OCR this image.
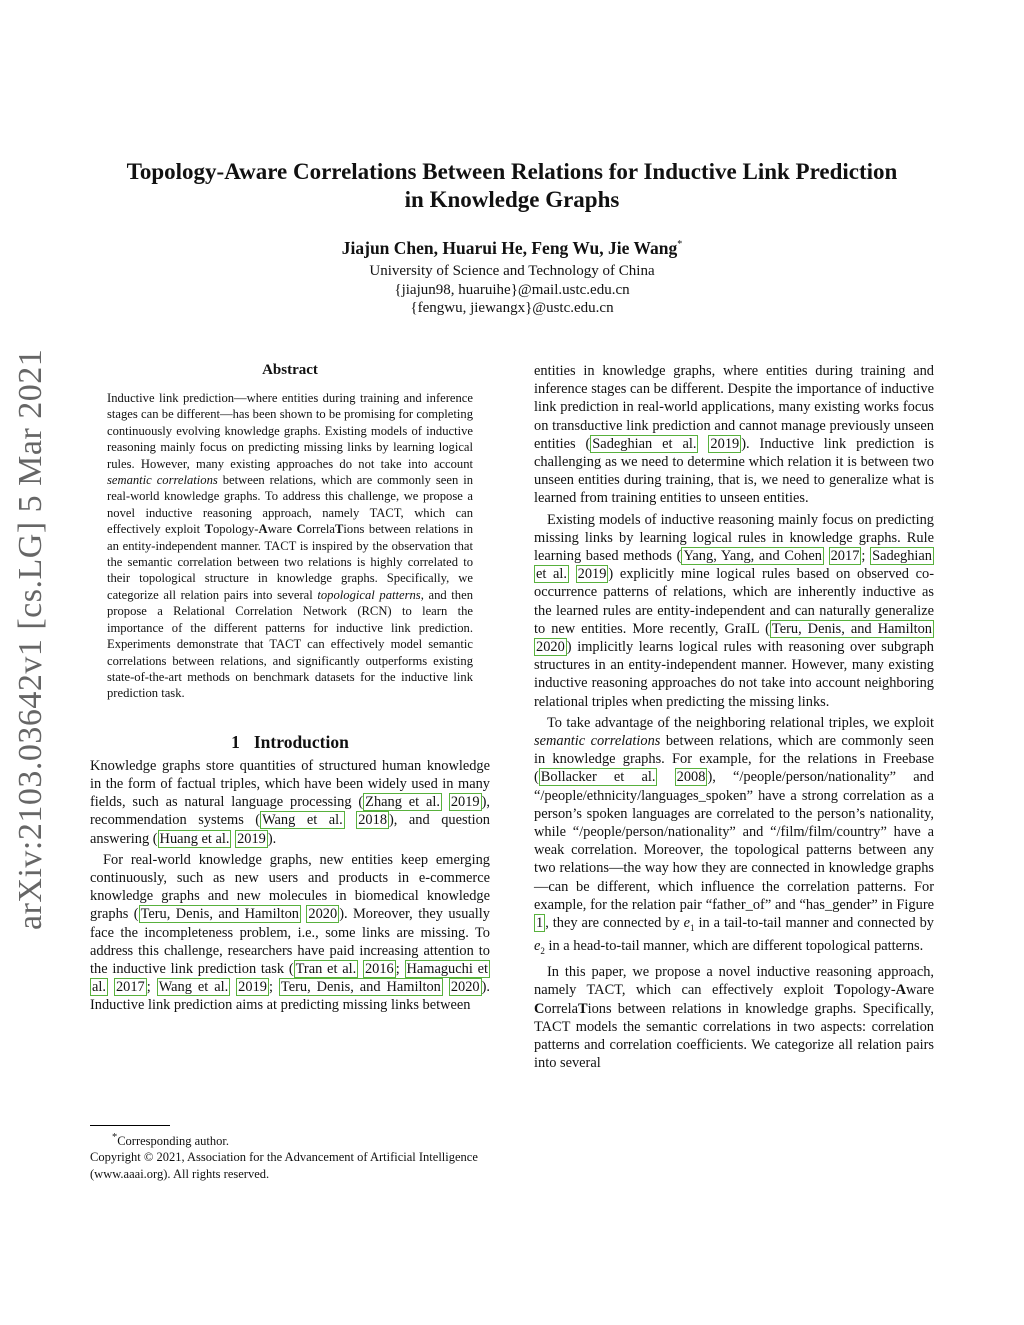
arXiv:2103.03642v1 [cs.LG] 5 Mar 2021
Topology-Aware Correlations Between Relations for Inductive Link Prediction
in Knowledge Graphs
Jiajun Chen, Huarui He, Feng Wu, Jie Wang*
University of Science and Technology of China
{jiajun98, huaruihe}@mail.ustc.edu.cn
{fengwu, jiewangx}@ustc.edu.cn
Abstract
Inductive link prediction—where entities during training and inference stages can be different—has been shown to be promising for completing continuously evolving knowledge graphs. Existing models of inductive reasoning mainly focus on predicting missing links by learning logical rules. However, many existing approaches do not take into account semantic correlations between relations, which are commonly seen in real-world knowledge graphs. To address this challenge, we propose a novel inductive reasoning approach, namely TACT, which can effectively exploit Topology-Aware CorrelaTions between relations in an entity-independent manner. TACT is inspired by the observation that the semantic correlation between two relations is highly correlated to their topological structure in knowledge graphs. Specifically, we categorize all relation pairs into several topological patterns, and then propose a Relational Correlation Network (RCN) to learn the importance of the different patterns for inductive link prediction. Experiments demonstrate that TACT can effectively model semantic correlations between relations, and significantly outperforms existing state-of-the-art methods on benchmark datasets for the inductive link prediction task.
1 Introduction

Knowledge graphs store quantities of structured human knowledge in the form of factual triples, which have been widely used in many fields, such as natural language processing ( Zhang et al. 2019 ), recommendation systems ( Wang et al. 2018 ), and question answering ( Huang et al. 2019 ).

For real-world knowledge graphs, new entities keep emerging continuously, such as new users and products in e-commerce knowledge graphs and new molecules in biomedical knowledge graphs ( Teru, Denis, and Hamilton 2020 ). Moreover, they usually face the incompleteness problem, i.e., some links are missing. To address this challenge, researchers have paid increasing attention to the inductive link prediction task ( Tran et al. 2016 ; Hamaguchi et al. 2017 ; Wang et al. 2019 ; Teru, Denis, and Hamilton 2020 ). Inductive link prediction aims at predicting missing links between

*Corresponding author.
Copyright © 2021, Association for the Advancement of Artificial Intelligence (www.aaai.org). All rights reserved.

entities in knowledge graphs, where entities during training and inference stages can be different. Despite the importance of inductive link prediction in real-world applications, many existing works focus on transductive link prediction and cannot manage previously unseen entities ( Sadeghian et al. 2019 ). Inductive link prediction is challenging as we need to determine which relation it is between two unseen entities during training, that is, we need to generalize what is learned from training entities to unseen entities.

Existing models of inductive reasoning mainly focus on predicting missing links by learning logical rules in knowledge graphs. Rule learning based methods ( Yang, Yang, and Cohen 2017 ; Sadeghian et al. 2019 ) explicitly mine logical rules based on observed co-occurrence patterns of relations, which are inherently inductive as the learned rules are entity-independent and can naturally generalize to new entities. More recently, GraIL ( Teru, Denis, and Hamilton 2020 ) implicitly learns logical rules with reasoning over subgraph structures in an entity-independent manner. However, many existing inductive reasoning approaches do not take into account neighboring relational triples when predicting the missing links.

To take advantage of the neighboring relational triples, we exploit semantic correlations between relations, which are commonly seen in knowledge graphs. For example, for the relations in Freebase ( Bollacker et al. 2008 ), “/people/person/nationality” and “/people/ethnicity/languages_spoken” have a strong correlation as a person’s spoken languages are correlated to the person’s nationality, while “/people/person/nationality” and “/film/film/country” have a weak correlation. Moreover, the topological patterns between any two relations—the way how they are connected in knowledge graphs—can be different, which influence the correlation patterns. For example, for the relation pair “father_of” and “has_gender” in Figure 1 , they are connected by $e_1$ in a tail-to-tail manner and connected by $e_2$ in a head-to-tail manner, which are different topological patterns.

In this paper, we propose a novel inductive reasoning approach, namely TACT, which can effectively exploit Topology-Aware CorrelaTions between relations in knowledge graphs. Specifically, TACT models the semantic correlations in two aspects: correlation patterns and correlation coefficients. We categorize all relation pairs into several
